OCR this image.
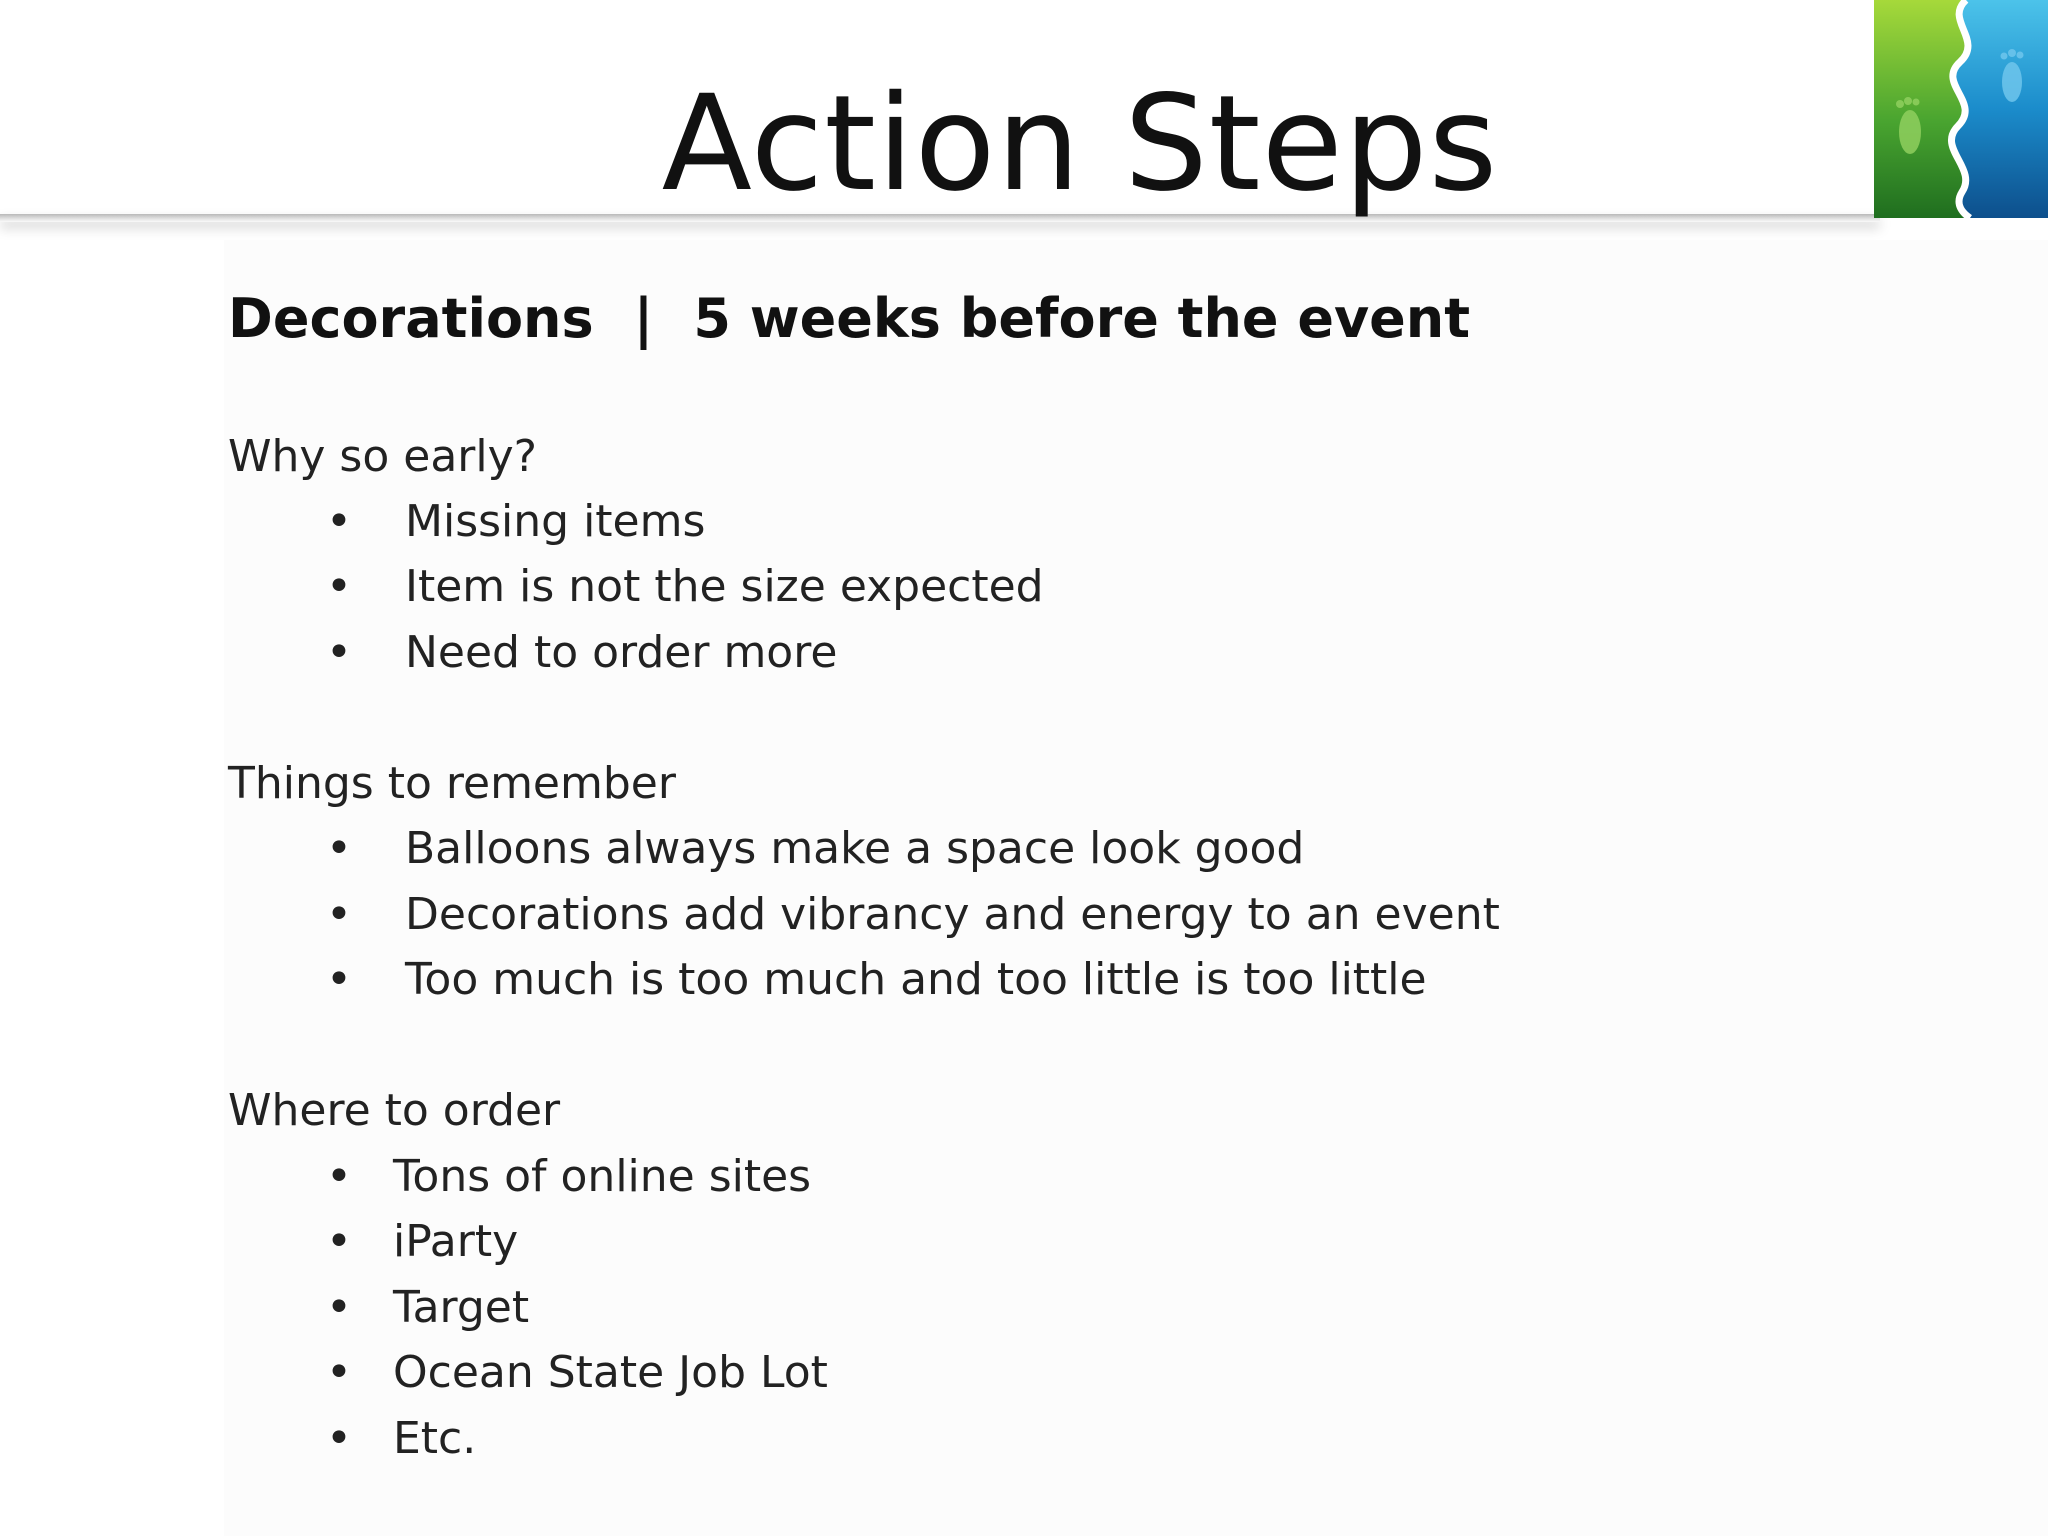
Action Steps
Decorations | 5 weeks before the event
Why so early?
• Missing items
• Item is not the size expected
• Need to order more
Things to remember
• Balloons always make a space look good
• Decorations add vibrancy and energy to an event
• Too much is too much and too little is too little
Where to order
• Tons of online sites
• iParty
• Target
• Ocean State Job Lot
• Etc.
